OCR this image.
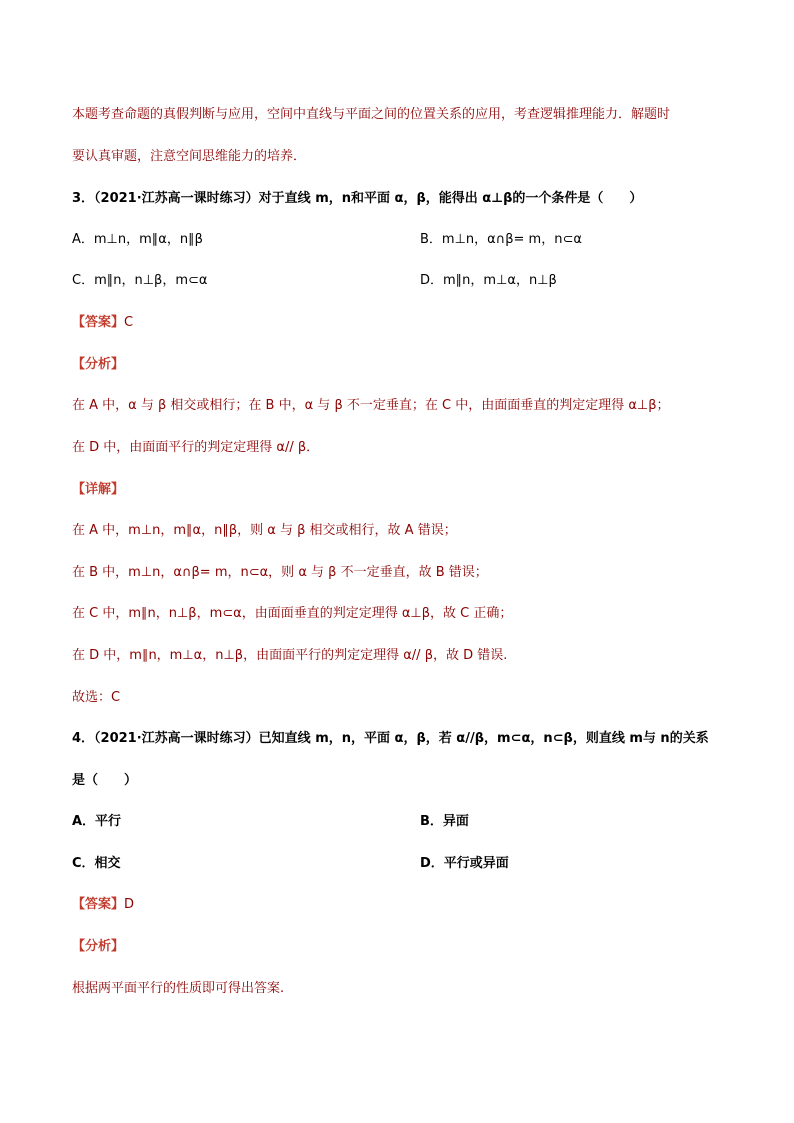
本题考查命题的真假判断与应用，空间中直线与平面之间的位置关系的应用，考查逻辑推理能力．解题时
要认真审题，注意空间思维能力的培养．
3．（2021·江苏高一课时练习）对于直线 m，n和平面 α，β，能得出 α⊥β的一个条件是（　　）
A．m⊥n，m∥α，n∥β	B．m⊥n，α∩β= m，n⊂α
C．m∥n，n⊥β，m⊂α	D．m∥n，m⊥α，n⊥β
【答案】C
【分析】
在 A 中，α 与 β 相交或相行；在 B 中，α 与 β 不一定垂直；在 C 中，由面面垂直的判定定理得 α⊥β；
在 D 中，由面面平行的判定定理得 α// β．
【详解】
在 A 中，m⊥n，m∥α，n∥β，则 α 与 β 相交或相行，故 A 错误；
在 B 中，m⊥n，α∩β= m，n⊂α，则 α 与 β 不一定垂直，故 B 错误；
在 C 中，m∥n，n⊥β，m⊂α，由面面垂直的判定定理得 α⊥β，故 C 正确；
在 D 中，m∥n，m⊥α，n⊥β，由面面平行的判定定理得 α// β，故 D 错误.
故选：C
4．（2021·江苏高一课时练习）已知直线 m，n，平面 α，β，若 α//β，m⊂α，n⊂β，则直线 m与 n的关系
是（　　）
A．平行	B．异面
C．相交	D．平行或异面
【答案】D
【分析】
根据两平面平行的性质即可得出答案.
